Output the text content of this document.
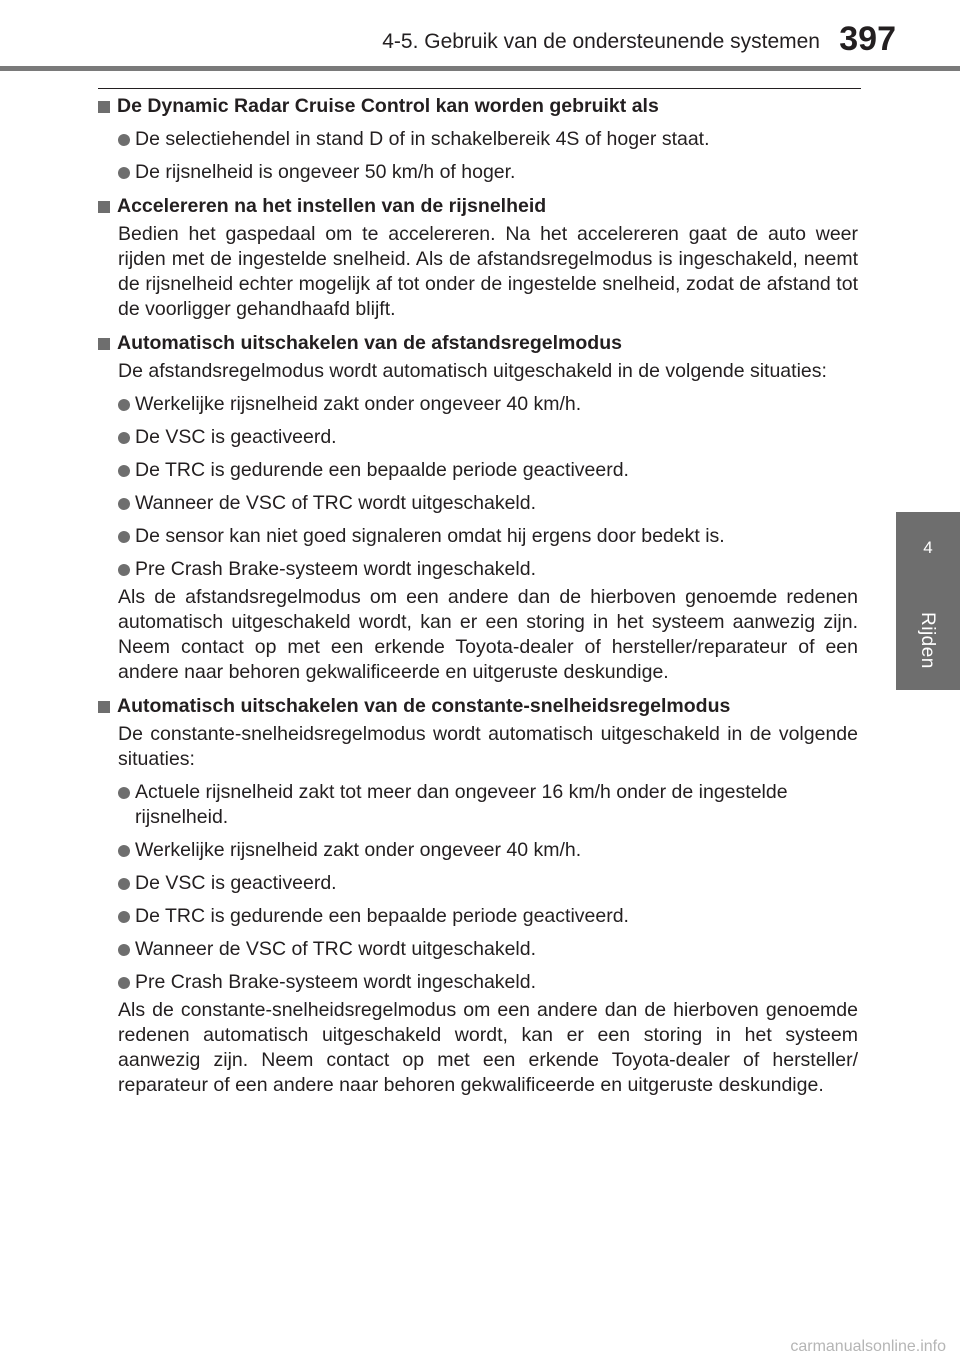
4-5. Gebruik van de ondersteunende systemen 397
4
Rijden
De Dynamic Radar Cruise Control kan worden gebruikt als
De selectiehendel in stand D of in schakelbereik 4S of hoger staat.
De rijsnelheid is ongeveer 50 km/h of hoger.
Accelereren na het instellen van de rijsnelheid
Bedien het gaspedaal om te accelereren. Na het accelereren gaat de auto weer rijden met de ingestelde snelheid. Als de afstandsregelmodus is ingeschakeld, neemt de rijsnelheid echter mogelijk af tot onder de ingestelde snelheid, zodat de afstand tot de voorligger gehandhaafd blijft.
Automatisch uitschakelen van de afstandsregelmodus
De afstandsregelmodus wordt automatisch uitgeschakeld in de volgende situaties:
Werkelijke rijsnelheid zakt onder ongeveer 40 km/h.
De VSC is geactiveerd.
De TRC is gedurende een bepaalde periode geactiveerd.
Wanneer de VSC of TRC wordt uitgeschakeld.
De sensor kan niet goed signaleren omdat hij ergens door bedekt is.
Pre Crash Brake-systeem wordt ingeschakeld.
Als de afstandsregelmodus om een andere dan de hierboven genoemde redenen automatisch uitgeschakeld wordt, kan er een storing in het systeem aanwezig zijn. Neem contact op met een erkende Toyota-dealer of hersteller/​reparateur of een andere naar behoren gekwalificeerde en uitgeruste deskundige.
Automatisch uitschakelen van de constante-snelheidsregelmodus
De constante-snelheidsregelmodus wordt automatisch uitgeschakeld in de volgende situaties:
Actuele rijsnelheid zakt tot meer dan ongeveer 16 km/h onder de ingestelde rijsnelheid.
Werkelijke rijsnelheid zakt onder ongeveer 40 km/h.
De VSC is geactiveerd.
De TRC is gedurende een bepaalde periode geactiveerd.
Wanneer de VSC of TRC wordt uitgeschakeld.
Pre Crash Brake-systeem wordt ingeschakeld.
Als de constante-snelheidsregelmodus om een andere dan de hierboven genoemde redenen automatisch uitgeschakeld wordt, kan er een storing in het systeem aanwezig zijn. Neem contact op met een erkende Toyota-dealer of hersteller/​reparateur of een andere naar behoren gekwalificeerde en uitgeruste deskundige.
carmanualsonline.info
